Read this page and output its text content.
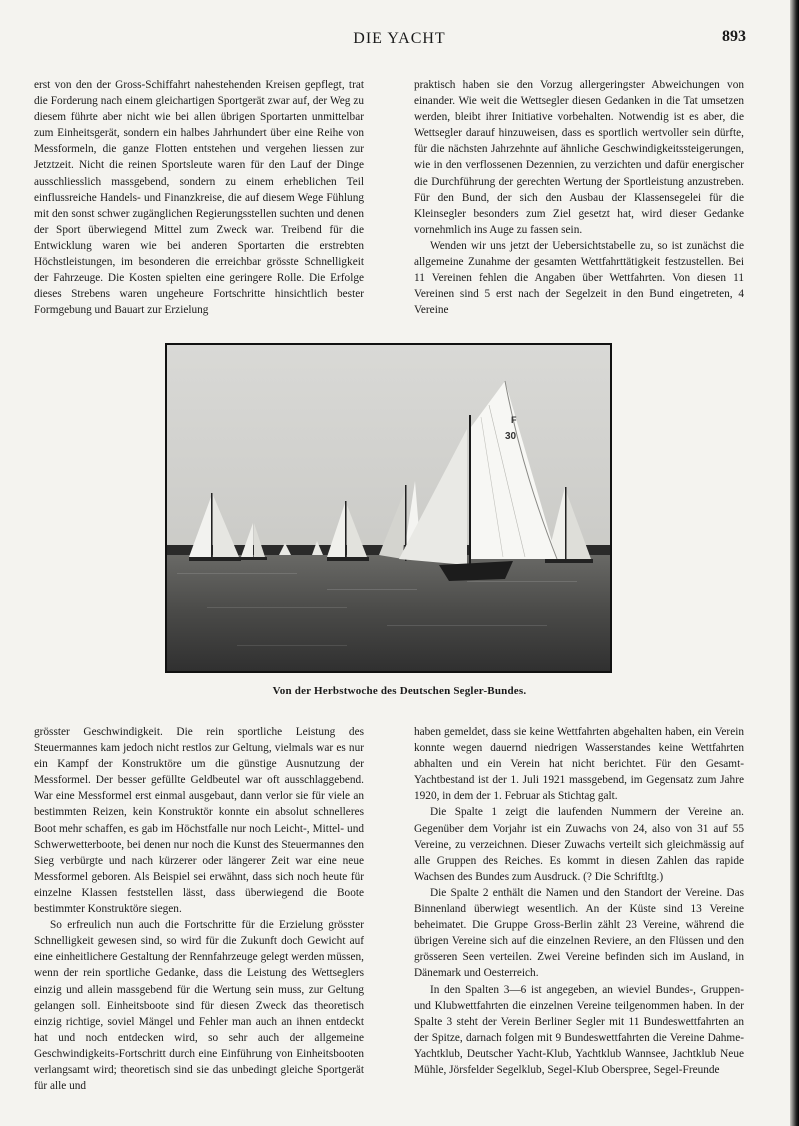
DIE YACHT	893

erst von den der Gross-Schiffahrt nahestehenden Kreisen gepflegt, trat die Forderung nach einem gleichartigen Sportgerät zwar auf, der Weg zu diesem führte aber nicht wie bei allen übrigen Sportarten unmittelbar zum Einheitsgerät, sondern ein halbes Jahrhundert über eine Reihe von Messformeln, die ganze Flotten entstehen und vergehen liessen zur Jetztzeit. Nicht die reinen Sportsleute waren für den Lauf der Dinge ausschliesslich massgebend, sondern zu einem erheblichen Teil einflussreiche Handels- und Finanzkreise, die auf diesem Wege Fühlung mit den sonst schwer zugänglichen Regierungsstellen suchten und denen der Sport überwiegend Mittel zum Zweck war. Treibend für die Entwicklung waren wie bei anderen Sportarten die erstrebten Höchstleistungen, im besonderen die erreichbar grösste Schnelligkeit der Fahrzeuge. Die Kosten spielten eine geringere Rolle. Die Erfolge dieses Strebens waren ungeheure Fortschritte hinsichtlich bester Formgebung und Bauart zur Erzielung

praktisch haben sie den Vorzug allergeringster Abweichungen von einander. Wie weit die Wettsegler diesen Gedanken in die Tat umsetzen werden, bleibt ihrer Initiative vorbehalten. Notwendig ist es aber, die Wettsegler darauf hinzuweisen, dass es sportlich wertvoller sein dürfte, für die nächsten Jahrzehnte auf ähnliche Geschwindigkeitssteigerungen, wie in den verflossenen Dezennien, zu verzichten und dafür energischer die Durchführung der gerechten Wertung der Sportleistung anzustreben. Für den Bund, der sich den Ausbau der Klassensegelei für die Kleinsegler besonders zum Ziel gesetzt hat, wird dieser Gedanke vornehmlich ins Auge zu fassen sein.

Wenden wir uns jetzt der Uebersichtstabelle zu, so ist zunächst die allgemeine Zunahme der gesamten Wettfahrttätigkeit festzustellen. Bei 11 Vereinen fehlen die Angaben über Wettfahrten. Von diesen 11 Vereinen sind 5 erst nach der Segelzeit in den Bund eingetreten, 4 Vereine

F
30
Von der Herbstwoche des Deutschen Segler-Bundes.

grösster Geschwindigkeit. Die rein sportliche Leistung des Steuermannes kam jedoch nicht restlos zur Geltung, vielmals war es nur ein Kampf der Konstruktöre um die günstige Ausnutzung der Messformel. Der besser gefüllte Geldbeutel war oft ausschlaggebend. War eine Messformel erst einmal ausgebaut, dann verlor sie für viele an bestimmten Reizen, kein Konstruktör konnte ein absolut schnelleres Boot mehr schaffen, es gab im Höchstfalle nur noch Leicht-, Mittel- und Schwerwetterboote, bei denen nur noch die Kunst des Steuermannes den Sieg verbürgte und nach kürzerer oder längerer Zeit war eine neue Messformel geboren. Als Beispiel sei erwähnt, dass sich noch heute für einzelne Klassen feststellen lässt, dass überwiegend die Boote bestimmter Konstruktöre siegen.

So erfreulich nun auch die Fortschritte für die Erzielung grösster Schnelligkeit gewesen sind, so wird für die Zukunft doch Gewicht auf eine einheitlichere Gestaltung der Rennfahrzeuge gelegt werden müssen, wenn der rein sportliche Gedanke, dass die Leistung des Wettseglers einzig und allein massgebend für die Wertung sein muss, zur Geltung gelangen soll. Einheitsboote sind für diesen Zweck das theoretisch einzig richtige, soviel Mängel und Fehler man auch an ihnen entdeckt hat und noch entdecken wird, so sehr auch der allgemeine Geschwindigkeits-Fortschritt durch eine Einführung von Einheitsbooten verlangsamt wird; theoretisch sind sie das unbedingt gleiche Sportgerät für alle und

haben gemeldet, dass sie keine Wettfahrten abgehalten haben, ein Verein konnte wegen dauernd niedrigen Wasserstandes keine Wettfahrten abhalten und ein Verein hat nicht berichtet. Für den Gesamt-Yachtbestand ist der 1. Juli 1921 massgebend, im Gegensatz zum Jahre 1920, in dem der 1. Februar als Stichtag galt.

Die Spalte 1 zeigt die laufenden Nummern der Vereine an. Gegenüber dem Vorjahr ist ein Zuwachs von 24, also von 31 auf 55 Vereine, zu verzeichnen. Dieser Zuwachs verteilt sich gleichmässig auf alle Gruppen des Reiches. Es kommt in diesen Zahlen das rapide Wachsen des Bundes zum Ausdruck. (? Die Schriftltg.)

Die Spalte 2 enthält die Namen und den Standort der Vereine. Das Binnenland überwiegt wesentlich. An der Küste sind 13 Vereine beheimatet. Die Gruppe Gross-Berlin zählt 23 Vereine, während die übrigen Vereine sich auf die einzelnen Reviere, an den Flüssen und den grösseren Seen verteilen. Zwei Vereine befinden sich im Ausland, in Dänemark und Oesterreich.

In den Spalten 3—6 ist angegeben, an wieviel Bundes-, Gruppen- und Klubwettfahrten die einzelnen Vereine teilgenommen haben. In der Spalte 3 steht der Verein Berliner Segler mit 11 Bundeswettfahrten an der Spitze, darnach folgen mit 9 Bundeswettfahrten die Vereine Dahme-Yachtklub, Deutscher Yacht-Klub, Yachtklub Wannsee, Jachtklub Neue Mühle, Jörsfelder Segelklub, Segel-Klub Oberspree, Segel-Freunde
